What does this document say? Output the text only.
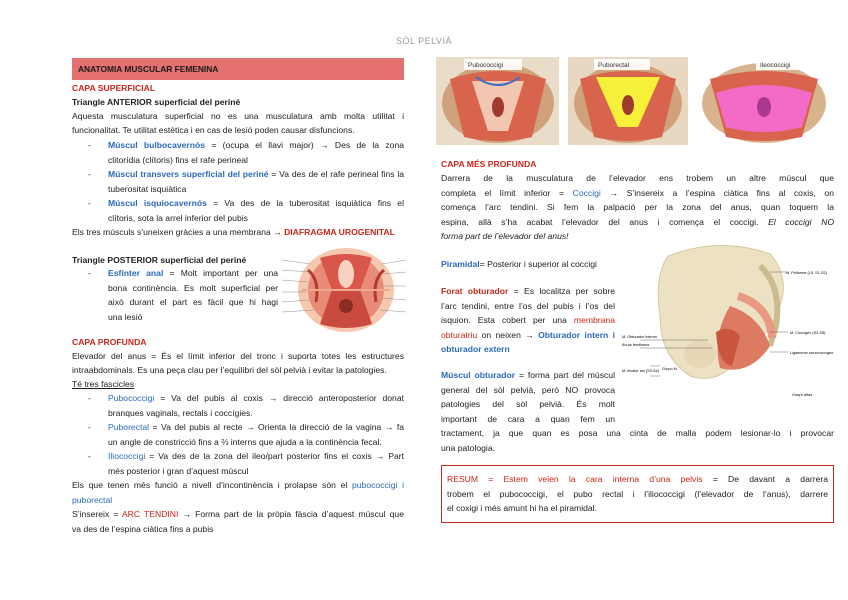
SÒL PELVIÀ
ANATOMIA MUSCULAR FEMENINA
CAPA SUPERFICIAL
Triangle ANTERIOR superficial del periné
Aquesta musculatura superficial no es una musculatura amb molta utilitat i
funcionalitat. Te utilitat estètica i en cas de lesió poden causar disfuncions.
- Múscul bulbocavernós = (ocupa el llavi major) → Des de la zona
clitorídia (clítoris) fins el rafe perineal
- Múscul transvers superficial del periné = Va des de el rafe perineal fins la
tuberositat isquiàtica
- Múscul isquiocavernós = Va des de la tuberositat isquiàtica fins el
clítoris, sota la arrel inferior del pubis
Els tres músculs s’uneixen gràcies a una membrana → DIAFRAGMA UROGENITAL
Triangle POSTERIOR superficial del periné
- Esfínter anal = Molt important per una
bona continència. Es molt superficial per
això durant el part es fàcil que hi hagi
una lesió
CAPA PROFUNDA
Elevador del anus = És el límit inferior del tronc i suporta totes les estructures
intraabdominals. Es una peça clau per l’equilibri del sòl pelvià i evitar la patologies.
Té tres fascicles
- Pubococcigi = Va del pubis al coxis → direcció anteroposterior donat
branques vaginals, rectals i coccígies.
- Puborectal = Va del pubis al recte → Orienta la direcció de la vagina → fa
un angle de constricció fins a ⅔ interns que ajuda a la continència fecal.
- Iliococcigi = Va des de la zona del ileo/part posterior fins el coxis → Part
més posterior i gran d’aquest múscul
Els que tenen més funció a nivell d’incontinència i prolapse són el pubococcigi i
puborectal
S’insereix = ARC TENDINI → Forma part de la pròpia fàscia d’aquest múscul que
va des de l’espina ciàtica fins a pubis
Pubococcigi	Puborectal	Ileococcigi
CAPA MÉS PROFUNDA
Darrera de la musculatura de l’elevador ens trobem un altre múscul que
completa el límit inferior = Coccigi → S’insereix a l’espina ciàtica fins al coxis, on
comença l’arc tendini. Si fem la palpació per la zona del anus, quan toquem la
espina, allà s’ha acabat l’elevador del anus i comença el coccigi. El coccigi NO
forma part de l’elevador del anus!
Piramidal= Posterior i superior al coccigi
Forat obturador = Es localitza per sobre
l’arc tendini, entre l’os del pubis i l’os del
isquion. Esta cobert per una membrana
obturatriu on neixen → Obturador intern i
obturador extern
Múscul obturador = forma part del múscul
general del sòl pelvià, però NO provoca
patologies del sòl pelvià. És molt
important de cara a quan fem un
tractament, ja que quan es posa una cinta de malla podem lesionar-lo i provocar
una patologia.
M. Piriforme (L5, S1-S2)
M. Obturador interno
Arcus tendineus
M. Coccígeo (S3-S5)
Ligamento sacrococcígeo
Grupo M.
M. levator ani (S3-S4)
Gray’s Atlas
RESUM = Estem veien la cara interna d’una pelvis = De davant a darrera
trobem el pubococcigi, el pubo rectal i l’iliococcigi (l’elevador de l’anus), darrere
el coxigi i més amunt hi ha el piramidal.
